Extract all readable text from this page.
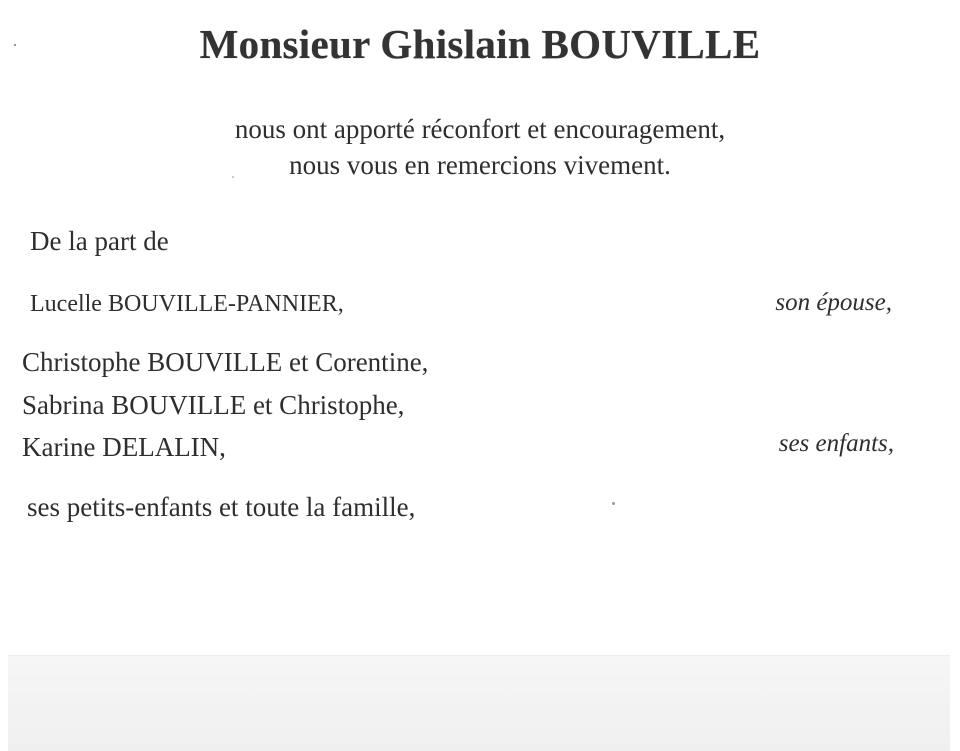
Monsieur Ghislain BOUVILLE
nous ont apporté réconfort et encouragement,
nous vous en remercions vivement.
De la part de
Lucelle BOUVILLE-PANNIER,	son épouse,
Christophe BOUVILLE et Corentine,
Sabrina BOUVILLE et Christophe,
Karine DELALIN,	ses enfants,
ses petits-enfants et toute la famille,
